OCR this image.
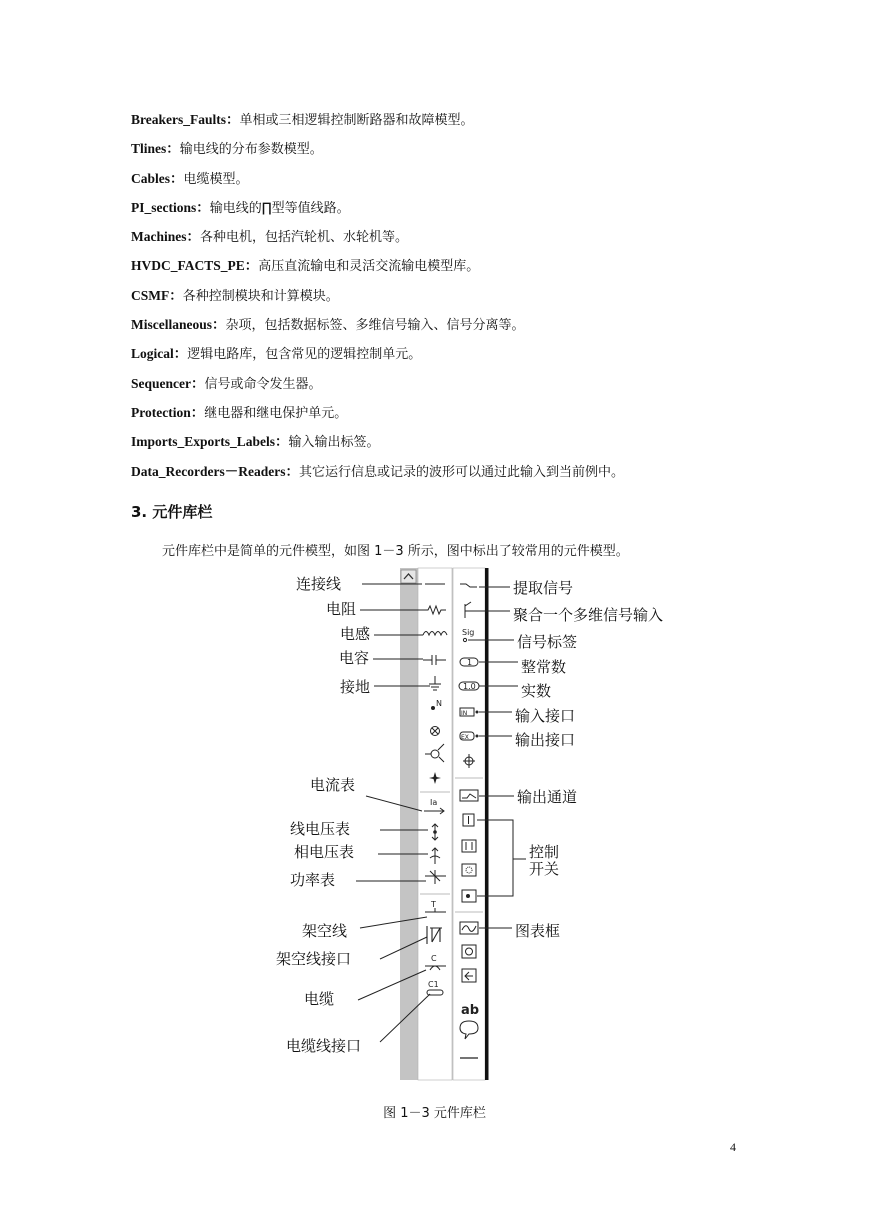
Breakers_Faults：单相或三相逻辑控制断路器和故障模型。
Tlines：输电线的分布参数模型。
Cables：电缆模型。
PI_sections：输电线的∏型等值线路。
Machines：各种电机，包括汽轮机、水轮机等。
HVDC_FACTS_PE：高压直流输电和灵活交流输电模型库。
CSMF：各种控制模块和计算模块。
Miscellaneous：杂项，包括数据标签、多维信号输入、信号分离等。
Logical：逻辑电路库，包含常见的逻辑控制单元。
Sequencer：信号或命令发生器。
Protection：继电器和继电保护单元。
Imports_Exports_Labels：输入输出标签。
Data_Recorders－Readers：其它运行信息或记录的波形可以通过此输入到当前例中。
3. 元件库栏
元件库栏中是简单的元件模型，如图 1－3 所示，图中标出了较常用的元件模型。
N
Ia
T
C
C1
Sig
1
1.0
IN
EX
ab
连接线
电阻
电感
电容
接地
电流表
线电压表
相电压表
功率表
架空线
架空线接口
电缆
电缆线接口
提取信号
聚合一个多维信号输入
信号标签
整常数
实数
输入接口
输出接口
输出通道
控制
开关
图表框
图 1－3 元件库栏
4
